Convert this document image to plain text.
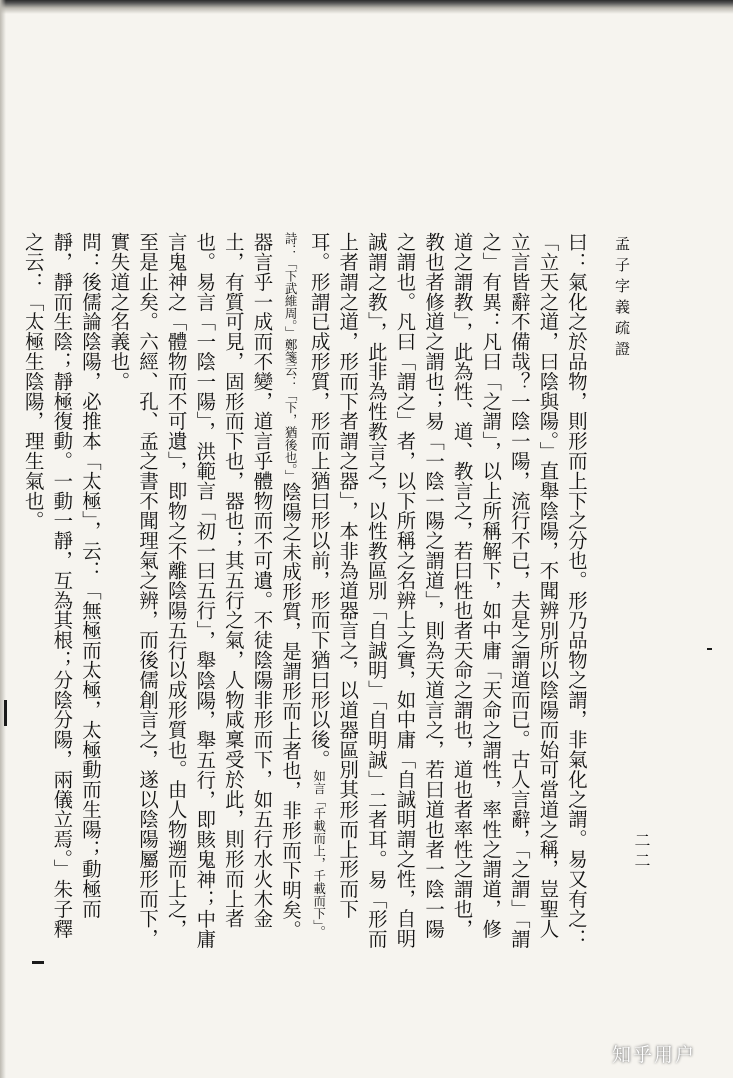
孟子字義疏證

曰：氣化之於品物，則形而上下之分也。形乃品物之謂，非氣化之謂。易又有之：「立天之道，曰陰與陽。」直舉陰陽，不聞辨別所以陰陽而始可當道之稱，豈聖人立言皆辭不備哉？一陰一陽，流行不已，夫是之謂道而已。古人言辭，「之謂」「謂之」有異：凡曰「之謂」，以上所稱解下，如中庸「天命之謂性，率性之謂道，修道之謂教」，此為性、道、教言之，若曰性也者天命之謂也，道也者率性之謂也，教也者修道之謂也；易「一陰一陽之謂道」，則為天道言之，若曰道也者一陰一陽之謂也。凡曰「謂之」者，以下所稱之名辨上之實，如中庸「自誠明謂之性，自明誠謂之教」，此非為性教言之，以性教區別「自誠明」「自明誠」二者耳。易「形而上者謂之道，形而下者謂之器」，本非為道器言之，以道器區別其形而上形而下耳。形謂已成形質，形而上猶曰形以前，形而下猶曰形以後。如言「千載而上，千載而下」。詩：「下武維周。」鄭箋云：「下，猶後也。」陰陽之未成形質，是謂形而上者也，非形而下明矣。器言乎一成而不變，道言乎體物而不可遺。不徒陰陽非形而下，如五行水火木金土，有質可見，固形而下也，器也；其五行之氣，人物咸稟受於此，則形而上者也。易言「一陰一陽」，洪範言「初一曰五行」，舉陰陽，舉五行，即賅鬼神；中庸言鬼神之「體物而不可遺」，即物之不離陰陽五行以成形質也。由人物遡而上之，至是止矣。六經、孔、孟之書不聞理氣之辨，而後儒創言之，遂以陰陽屬形而下，實失道之名義也。

問：後儒論陰陽，必推本「太極」，云：「無極而太極，太極動而生陽；動極而靜，靜而生陰；靜極復動。一動一靜，互為其根；分陰分陽，兩儀立焉。」朱子釋之云：「太極生陰陽，理生氣也。

二二
知乎用户
